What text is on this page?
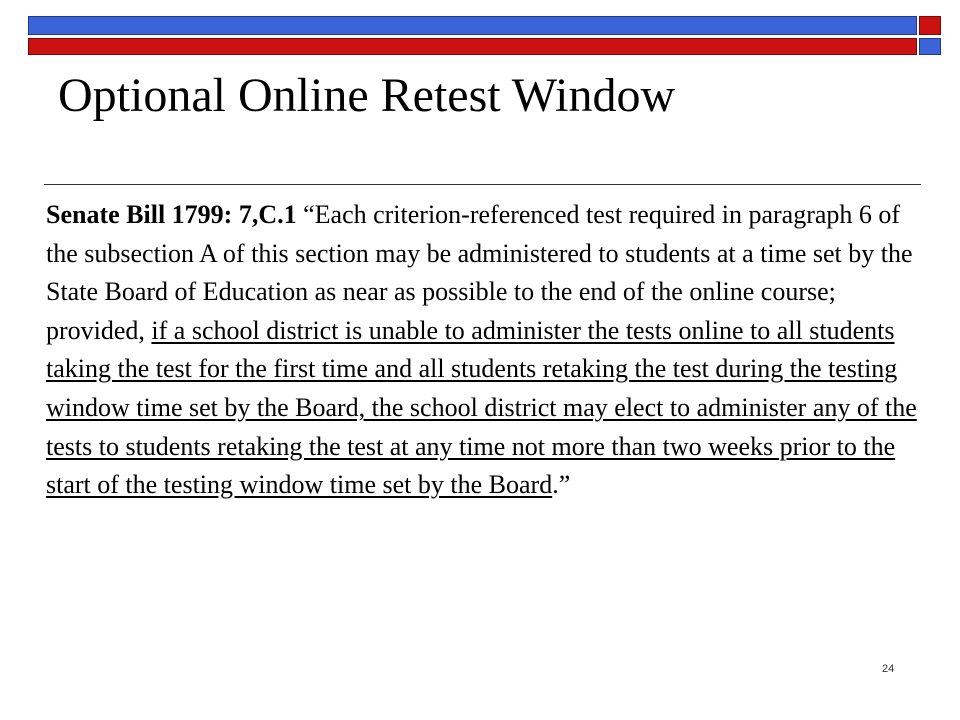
Optional Online Retest Window
Senate Bill 1799: 7,C.1 “Each criterion-referenced test required in paragraph 6 of the subsection A of this section may be administered to students at a time set by the State Board of Education as near as possible to the end of the online course; provided, if a school district is unable to administer the tests online to all students taking the test for the first time and all students retaking the test during the testing window time set by the Board, the school district may elect to administer any of the tests to students retaking the test at any time not more than two weeks prior to the start of the testing window time set by the Board.”
24
